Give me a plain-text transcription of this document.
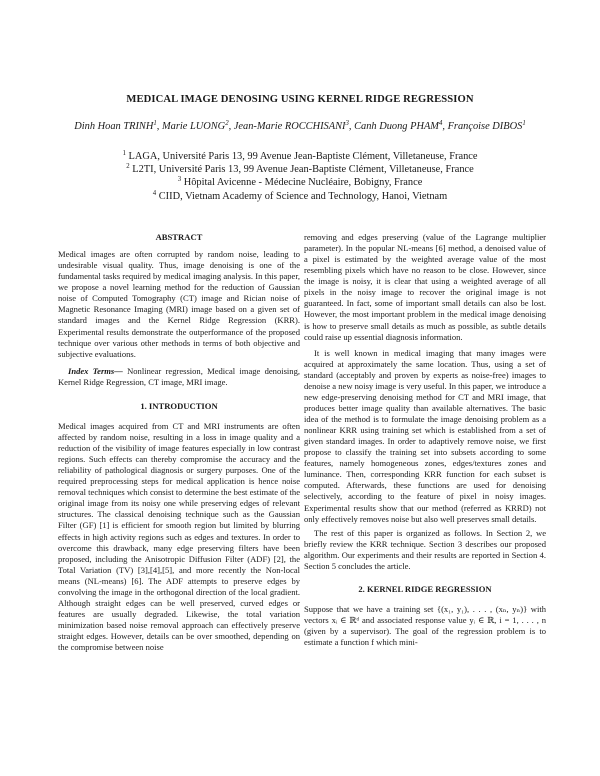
MEDICAL IMAGE DENOSING USING KERNEL RIDGE REGRESSION
Dinh Hoan TRINH$^1$, Marie LUONG$^2$, Jean-Marie ROCCHISANI$^3$, Canh Duong PHAM$^4$, Françoise DIBOS$^1$
$^1$ LAGA, Université Paris 13, 99 Avenue Jean-Baptiste Clément, Villetaneuse, France
$^2$ L2TI, Université Paris 13, 99 Avenue Jean-Baptiste Clément, Villetaneuse, France
$^3$ Hôpital Avicenne - Médecine Nucléaire, Bobigny, France
$^4$ CIID, Vietnam Academy of Science and Technology, Hanoi, Vietnam
ABSTRACT

Medical images are often corrupted by random noise, leading to undesirable visual quality. Thus, image denoising is one of the fundamental tasks required by medical imaging analysis. In this paper, we propose a novel learning method for the reduction of Gaussian noise of Computed Tomography (CT) image and Rician noise of Magnetic Resonance Imaging (MRI) image based on a given set of standard images and the Kernel Ridge Regression (KRR). Experimental results demonstrate the outperformance of the proposed technique over various other methods in terms of both objective and subjective evaluations.

Index Terms— Nonlinear regression, Medical image denoising, Kernel Ridge Regression, CT image, MRI image.

1. INTRODUCTION

Medical images acquired from CT and MRI instruments are often affected by random noise, resulting in a loss in image quality and a reduction of the visibility of image features especially in low contrast regions. Such effects can thereby compromise the accuracy and the reliability of pathological diagnosis or surgery purposes. One of the required preprocessing steps for medical application is hence noise removal techniques which consist to determine the best estimate of the original image from its noisy one while preserving edges of relevant structures. The classical denoising technique such as the Gaussian Filter (GF) [1] is efficient for smooth region but limited by blurring effects in high activity regions such as edges and textures. In order to overcome this drawback, many edge preserving filters have been proposed, including the Anisotropic Diffusion Filter (ADF) [2], the Total Variation (TV) [3],[4],[5], and more recently the Non-local means (NL-means) [6]. The ADF attempts to preserve edges by convolving the image in the orthogonal direction of the local gradient. Although straight edges can be well preserved, curved edges or features are usually degraded. Likewise, the total variation minimization based noise removal approach can effectively preserve straight edges. However, details can be over smoothed, depending on the compromise between noise

removing and edges preserving (value of the Lagrange multiplier parameter). In the popular NL-means [6] method, a denoised value of a pixel is estimated by the weighted average value of the most resembling pixels which have no reason to be close. However, since the image is noisy, it is clear that using a weighted average of all pixels in the noisy image to recover the original image is not guaranteed. In fact, some of important small details can also be lost. However, the most important problem in the medical image denoising is how to preserve small details as much as possible, as subtle details could raise up essential diagnosis information.

It is well known in medical imaging that many images were acquired at approximately the same location. Thus, using a set of standard (acceptably and proven by experts as noise-free) images to denoise a new noisy image is very useful. In this paper, we introduce a new edge-preserving denoising method for CT and MRI image, that produces better image quality than available alternatives. The basic idea of the method is to formulate the image denoising problem as a nonlinear KRR using training set which is established from a set of given standard images. In order to adaptively remove noise, we first propose to classify the training set into subsets according to some features, namely homogeneous zones, edges/textures zones and luminance. Then, corresponding KRR function for each subset is computed. Afterwards, these functions are used for denoising selectively, according to the feature of pixel in noisy images. Experimental results show that our method (referred as KRRD) not only effectively removes noise but also well preserves small details.

The rest of this paper is organized as follows. In Section 2, we briefly review the KRR technique. Section 3 describes our proposed algorithm. Our experiments and their results are reported in Section 4. Section 5 concludes the article.

2. KERNEL RIDGE REGRESSION

Suppose that we have a training set {(x₁, y₁), . . . , (xₙ, yₙ)} with vectors xᵢ ∈ ℝᵈ and associated response value yᵢ ∈ ℝ, i = 1, . . . , n (given by a supervisor). The goal of the regression problem is to estimate a function f which mini-
